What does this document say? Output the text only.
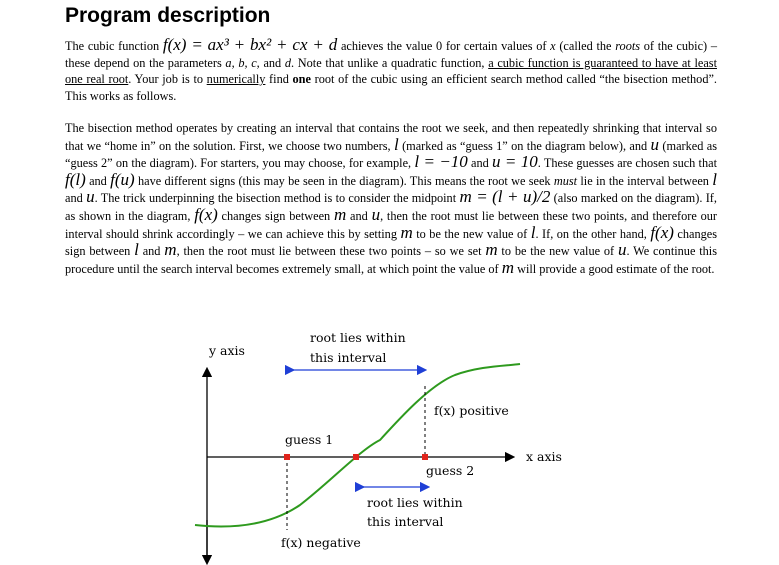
Program description

The cubic function f(x) = ax³ + bx² + cx + d achieves the value 0 for certain values of x (called the roots of the cubic) – these depend on the parameters a, b, c, and d. Note that unlike a quadratic function, a cubic function is guaranteed to have at least one real root. Your job is to numerically find one root of the cubic using an efficient search method called “the bisection method”. This works as follows.

The bisection method operates by creating an interval that contains the root we seek, and then repeatedly shrinking that interval so that we “home in” on the solution. First, we choose two numbers, l (marked as “guess 1” on the diagram below), and u (marked as “guess 2” on the diagram). For starters, you may choose, for example, l = −10 and u = 10. These guesses are chosen such that f(l) and f(u) have different signs (this may be seen in the diagram). This means the root we seek must lie in the interval between l and u. The trick underpinning the bisection method is to consider the midpoint m = (l + u)/2 (also marked on the diagram). If, as shown in the diagram, f(x) changes sign between m and u, then the root must lie between these two points, and therefore our interval should shrink accordingly – we can achieve this by setting m to be the new value of l. If, on the other hand, f(x) changes sign between l and m, then the root must lie between these two points – so we set m to be the new value of u. We continue this procedure until the search interval becomes extremely small, at which point the value of m will provide a good estimate of the root.

y axis
x axis
root lies within
this interval
f(x) positive
guess 1
guess 2
root lies within
this interval
f(x) negative
